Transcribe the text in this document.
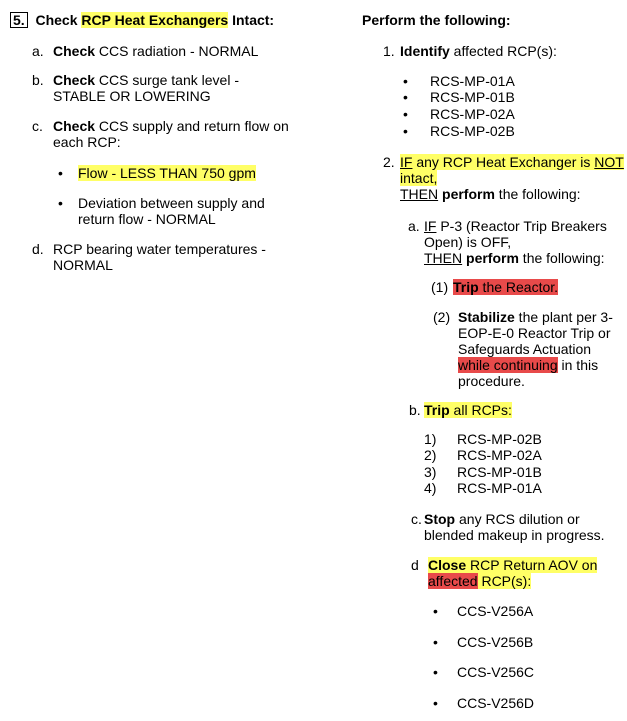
5. Check RCP Heat Exchangers Intact:
a. Check CCS radiation - NORMAL
b. Check CCS surge tank level -
STABLE OR LOWERING
c. Check CCS supply and return flow on
each RCP:
• Flow - LESS THAN 750 gpm
• Deviation between supply and
return flow - NORMAL
d. RCP bearing water temperatures -
NORMAL
Perform the following:
1. Identify affected RCP(s):
• RCS-MP-01A
• RCS-MP-01B
• RCS-MP-02A
• RCS-MP-02B
2. IF any RCP Heat Exchanger is NOT
intact,
THEN perform the following:
a. IF P-3 (Reactor Trip Breakers
Open) is OFF,
THEN perform the following:
(1) Trip the Reactor.
(2) Stabilize the plant per 3-
EOP-E-0 Reactor Trip or
Safeguards Actuation
while continuing in this
procedure.
b. Trip all RCPs:
1) RCS-MP-02B
2) RCS-MP-02A
3) RCS-MP-01B
4) RCS-MP-01A
c. Stop any RCS dilution or
blended makeup in progress.
d Close RCP Return AOV on
affected RCP(s):
• CCS-V256A
• CCS-V256B
• CCS-V256C
• CCS-V256D
